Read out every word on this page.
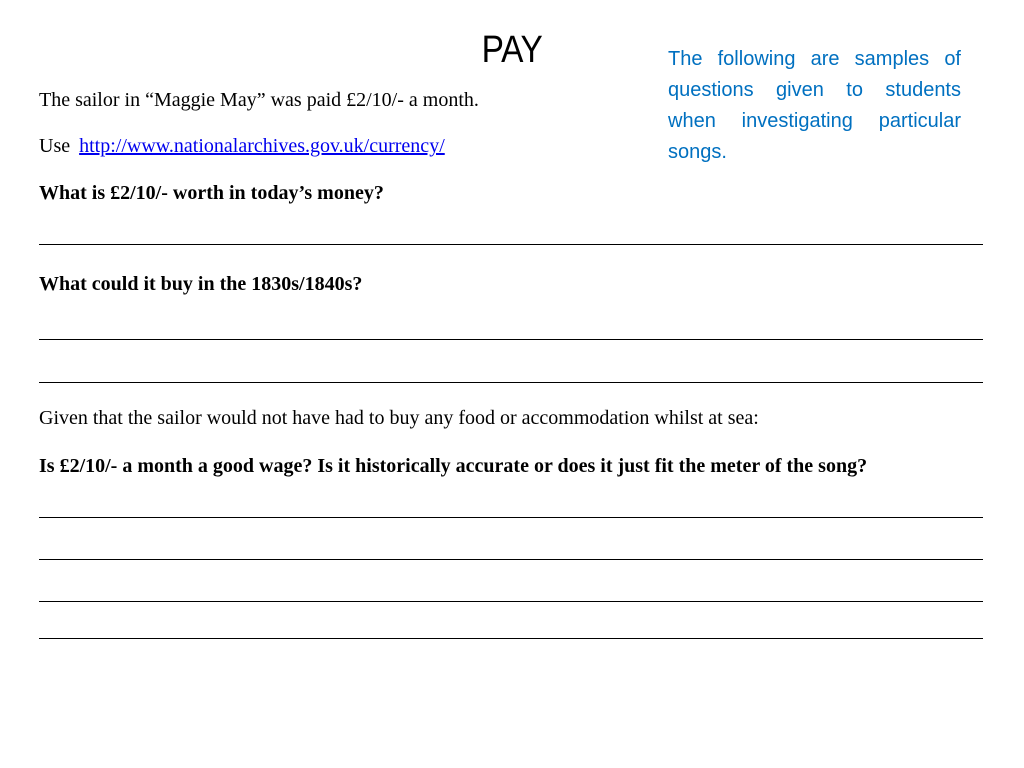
PAY	The following are samples of questions given to students when investigating particular songs.
The sailor in “Maggie May” was paid £2/10/- a month.
Use http://www.nationalarchives.gov.uk/currency/
What is £2/10/- worth in today’s money?
What could it buy in the 1830s/1840s?
Given that the sailor would not have had to buy any food or accommodation whilst at sea:
Is £2/10/- a month a good wage? Is it historically accurate or does it just fit the meter of the song?
